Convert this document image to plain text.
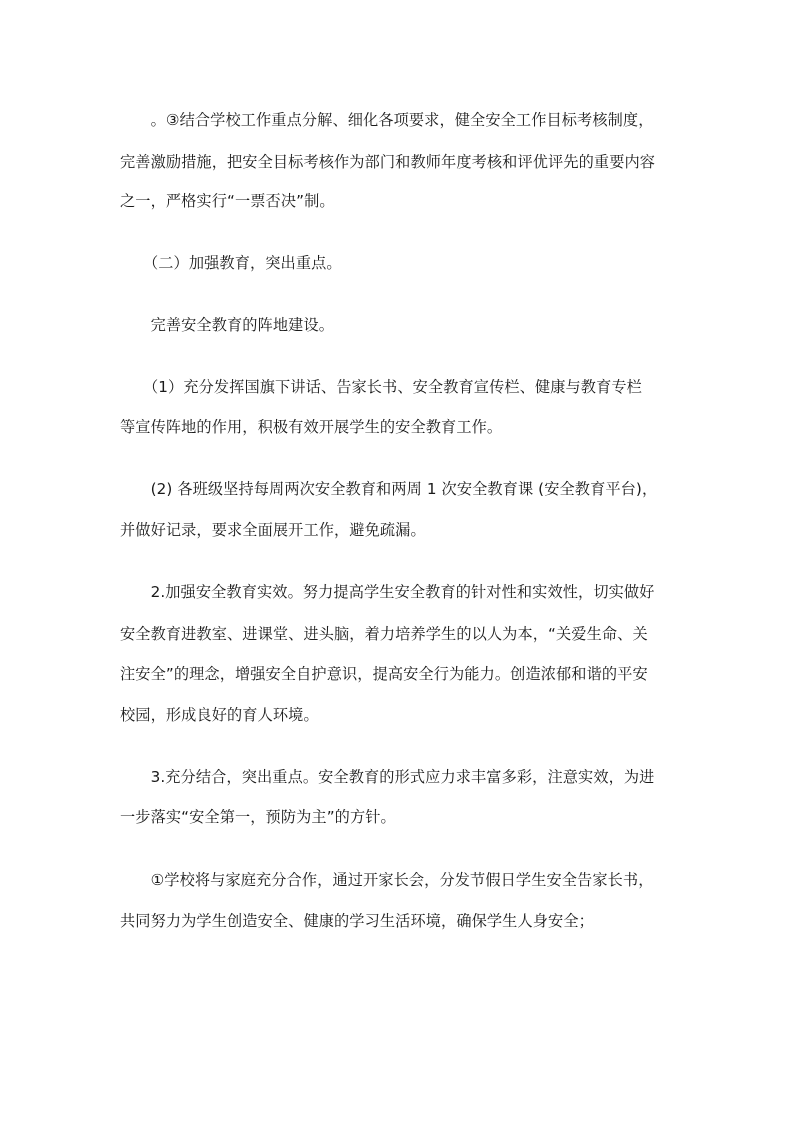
　　。③结合学校工作重点分解、细化各项要求，健全安全工作目标考核制度，
完善激励措施，把安全目标考核作为部门和教师年度考核和评优评先的重要内容
之一，严格实行“一票否决”制。
　　（二）加强教育，突出重点。
　　完善安全教育的阵地建设。
　　（1）充分发挥国旗下讲话、告家长书、安全教育宣传栏、健康与教育专栏
等宣传阵地的作用，积极有效开展学生的安全教育工作。
　　(2) 各班级坚持每周两次安全教育和两周 1 次安全教育课 (安全教育平台)，
并做好记录，要求全面展开工作，避免疏漏。
　　2.加强安全教育实效。努力提高学生安全教育的针对性和实效性，切实做好
安全教育进教室、进课堂、进头脑，着力培养学生的以人为本，“关爱生命、关
注安全”的理念，增强安全自护意识，提高安全行为能力。创造浓郁和谐的平安
校园，形成良好的育人环境。
　　3.充分结合，突出重点。安全教育的形式应力求丰富多彩，注意实效，为进
一步落实“安全第一，预防为主”的方针。
　　①学校将与家庭充分合作，通过开家长会，分发节假日学生安全告家长书，
共同努力为学生创造安全、健康的学习生活环境，确保学生人身安全；
